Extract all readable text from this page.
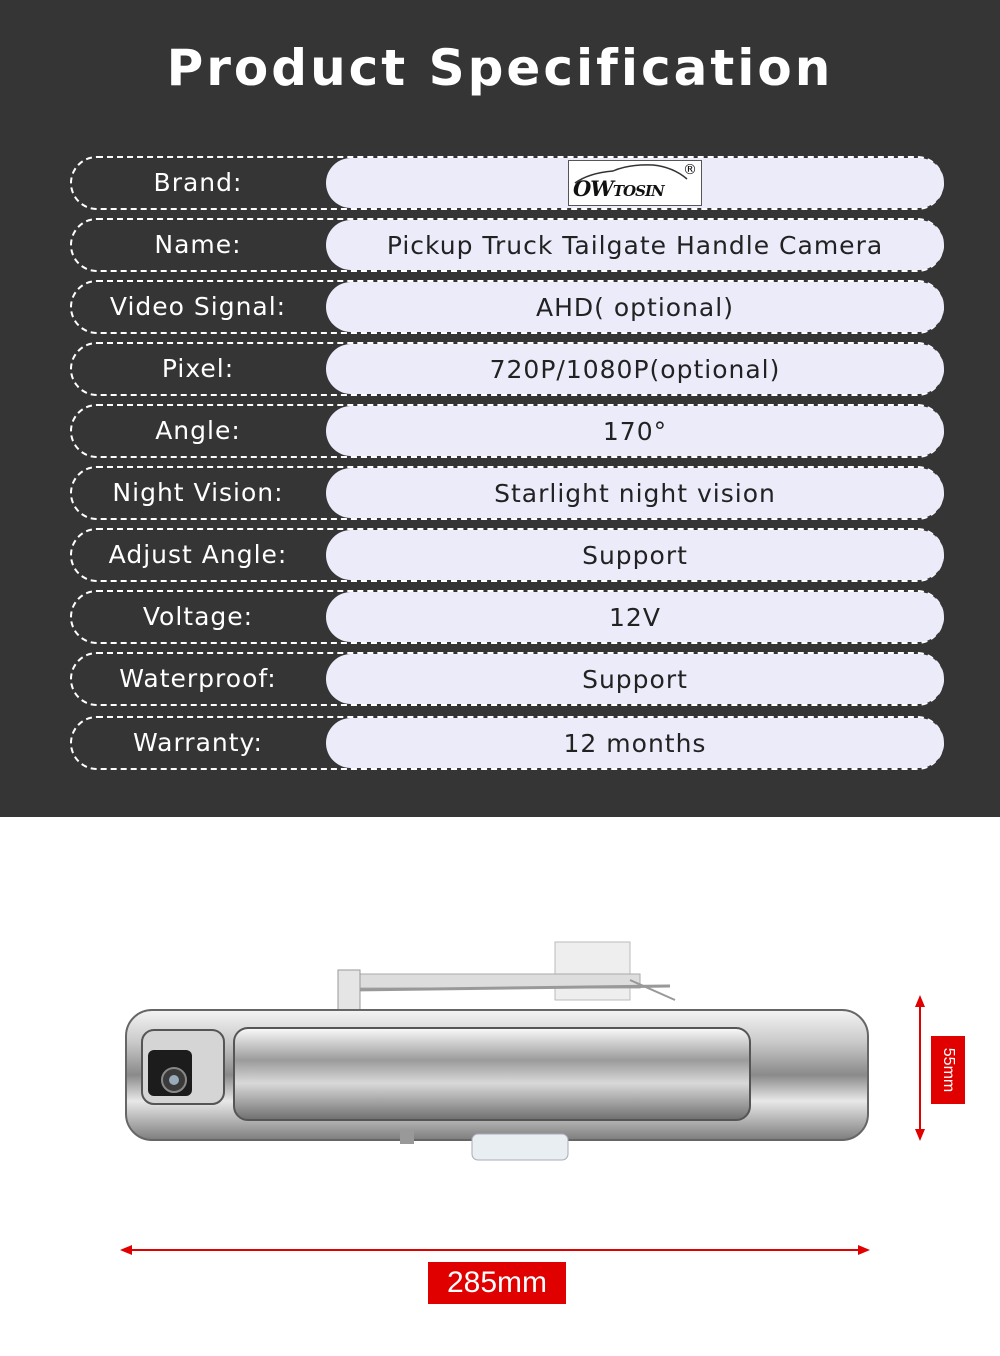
Product Specification
Brand:	OWTOSIN
®
Name:	Pickup Truck Tailgate Handle Camera
Video Signal:	AHD( optional)
Pixel:	720P/1080P(optional)
Angle:	170°
Night Vision:	Starlight night vision
Adjust Angle:	Support
Voltage:	12V
Waterproof:	Support
Warranty:	12 months
285mm
55mm
